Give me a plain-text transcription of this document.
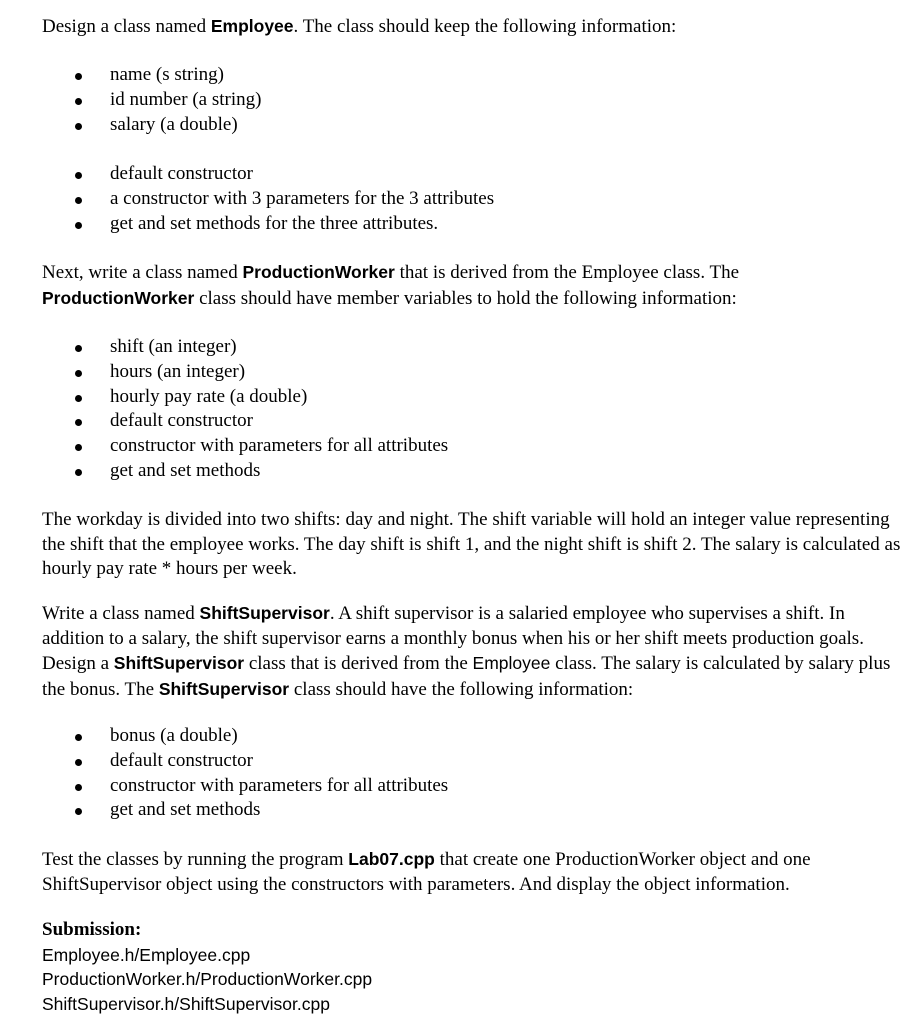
Design a class named Employee. The class should keep the following information:

name (s string)
id number (a string)
salary (a double)
default constructor
a constructor with 3 parameters for the 3 attributes
get and set methods for the three attributes.

Next, write a class named ProductionWorker that is derived from the Employee class. The
ProductionWorker class should have member variables to hold the following information:

shift (an integer)
hours (an integer)
hourly pay rate (a double)
default constructor
constructor with parameters for all attributes
get and set methods

The workday is divided into two shifts: day and night. The shift variable will hold an integer value representing the shift that the employee works. The day shift is shift 1, and the night shift is shift 2. The salary is calculated as hourly pay rate * hours per week.

Write a class named ShiftSupervisor. A shift supervisor is a salaried employee who supervises a shift. In addition to a salary, the shift supervisor earns a monthly bonus when his or her shift meets production goals. Design a ShiftSupervisor class that is derived from the Employee class. The salary is calculated by salary plus the bonus. The ShiftSupervisor class should have the following information:

bonus (a double)
default constructor
constructor with parameters for all attributes
get and set methods

Test the classes by running the program Lab07.cpp that create one ProductionWorker object and one ShiftSupervisor object using the constructors with parameters. And display the object information.

Submission:
Employee.h/Employee.cpp
ProductionWorker.h/ProductionWorker.cpp
ShiftSupervisor.h/ShiftSupervisor.cpp
